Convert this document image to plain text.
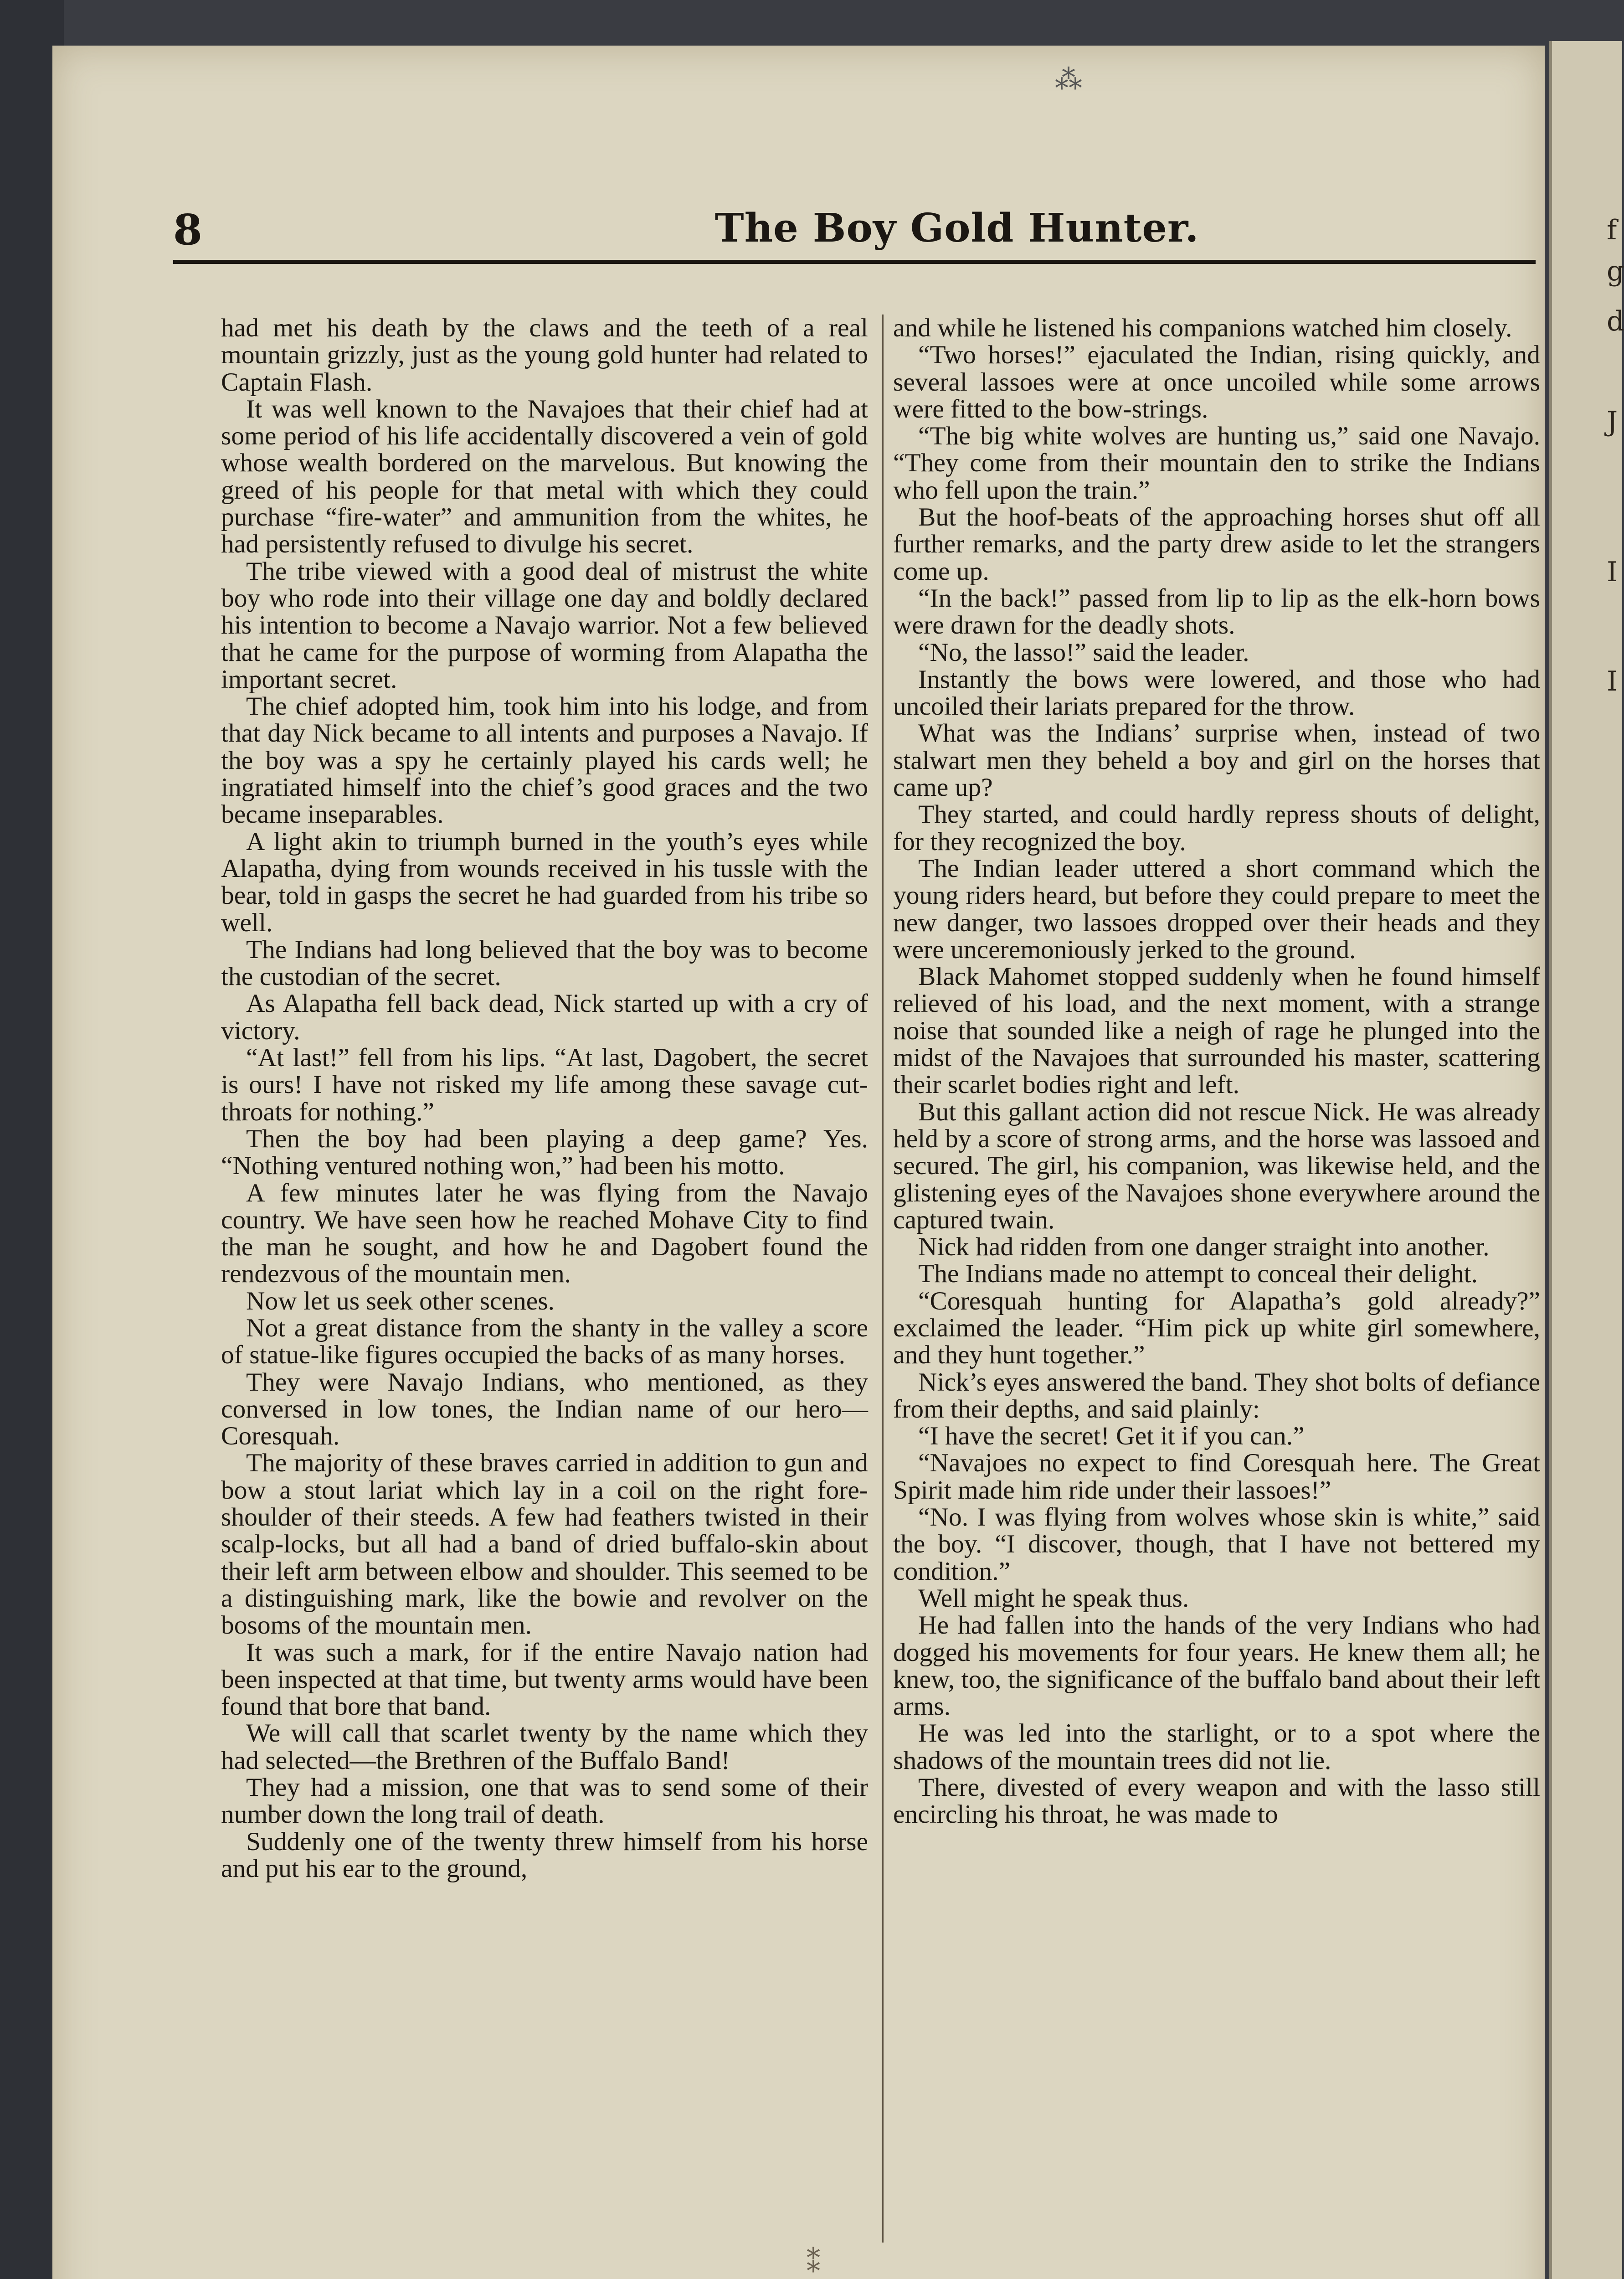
f
g
d
J
I
I
⁂
8	The Boy Gold Hunter.

had met his death by the claws and the teeth of a real mountain grizzly, just as the young gold hunter had related to Captain Flash.

It was well known to the Navajoes that their chief had at some period of his life accidentally discovered a vein of gold whose wealth bordered on the marvelous. But knowing the greed of his people for that metal with which they could purchase “fire-water” and ammunition from the whites, he had persistently refused to divulge his secret.

The tribe viewed with a good deal of mistrust the white boy who rode into their village one day and boldly declared his intention to become a Navajo warrior. Not a few believed that he came for the purpose of worming from Alapatha the important secret.

The chief adopted him, took him into his lodge, and from that day Nick became to all intents and purposes a Navajo. If the boy was a spy he certainly played his cards well; he ingratiated himself into the chief’s good graces and the two became inseparables.

A light akin to triumph burned in the youth’s eyes while Alapatha, dying from wounds received in his tussle with the bear, told in gasps the secret he had guarded from his tribe so well.

The Indians had long believed that the boy was to become the custodian of the secret.

As Alapatha fell back dead, Nick started up with a cry of victory.

“At last!” fell from his lips. “At last, Dagobert, the secret is ours! I have not risked my life among these savage cut-throats for nothing.”

Then the boy had been playing a deep game? Yes. “Nothing ventured nothing won,” had been his motto.

A few minutes later he was flying from the Navajo country. We have seen how he reached Mohave City to find the man he sought, and how he and Dagobert found the rendezvous of the mountain men.

Now let us seek other scenes.

Not a great distance from the shanty in the valley a score of statue-like figures occupied the backs of as many horses.

They were Navajo Indians, who mentioned, as they conversed in low tones, the Indian name of our hero—Coresquah.

The majority of these braves carried in addition to gun and bow a stout lariat which lay in a coil on the right fore-shoulder of their steeds. A few had feathers twisted in their scalp-locks, but all had a band of dried buffalo-skin about their left arm between elbow and shoulder. This seemed to be a distinguishing mark, like the bowie and revolver on the bosoms of the mountain men.

It was such a mark, for if the entire Navajo nation had been inspected at that time, but twenty arms would have been found that bore that band.

We will call that scarlet twenty by the name which they had selected—the Brethren of the Buffalo Band!

They had a mission, one that was to send some of their number down the long trail of death.

Suddenly one of the twenty threw himself from his horse and put his ear to the ground,

and while he listened his companions watched him closely.

“Two horses!” ejaculated the Indian, rising quickly, and several lassoes were at once uncoiled while some arrows were fitted to the bow-strings.

“The big white wolves are hunting us,” said one Navajo. “They come from their mountain den to strike the Indians who fell upon the train.”

But the hoof-beats of the approaching horses shut off all further remarks, and the party drew aside to let the strangers come up.

“In the back!” passed from lip to lip as the elk-horn bows were drawn for the deadly shots.

“No, the lasso!” said the leader.

Instantly the bows were lowered, and those who had uncoiled their lariats prepared for the throw.

What was the Indians’ surprise when, instead of two stalwart men they beheld a boy and girl on the horses that came up?

They started, and could hardly repress shouts of delight, for they recognized the boy.

The Indian leader uttered a short command which the young riders heard, but before they could prepare to meet the new danger, two lassoes dropped over their heads and they were unceremoniously jerked to the ground.

Black Mahomet stopped suddenly when he found himself relieved of his load, and the next moment, with a strange noise that sounded like a neigh of rage he plunged into the midst of the Navajoes that surrounded his master, scattering their scarlet bodies right and left.

But this gallant action did not rescue Nick. He was already held by a score of strong arms, and the horse was lassoed and secured. The girl, his companion, was likewise held, and the glistening eyes of the Navajoes shone everywhere around the captured twain.

Nick had ridden from one danger straight into another.

The Indians made no attempt to conceal their delight.

“Coresquah hunting for Alapatha’s gold already?” exclaimed the leader. “Him pick up white girl somewhere, and they hunt together.”

Nick’s eyes answered the band. They shot bolts of defiance from their depths, and said plainly:

“I have the secret! Get it if you can.”

“Navajoes no expect to find Coresquah here. The Great Spirit made him ride under their lassoes!”

“No. I was flying from wolves whose skin is white,” said the boy. “I discover, though, that I have not bettered my condition.”

Well might he speak thus.

He had fallen into the hands of the very Indians who had dogged his movements for four years. He knew them all; he knew, too, the significance of the buffalo band about their left arms.

He was led into the starlight, or to a spot where the shadows of the mountain trees did not lie.

There, divested of every weapon and with the lasso still encircling his throat, he was made to

⁑
